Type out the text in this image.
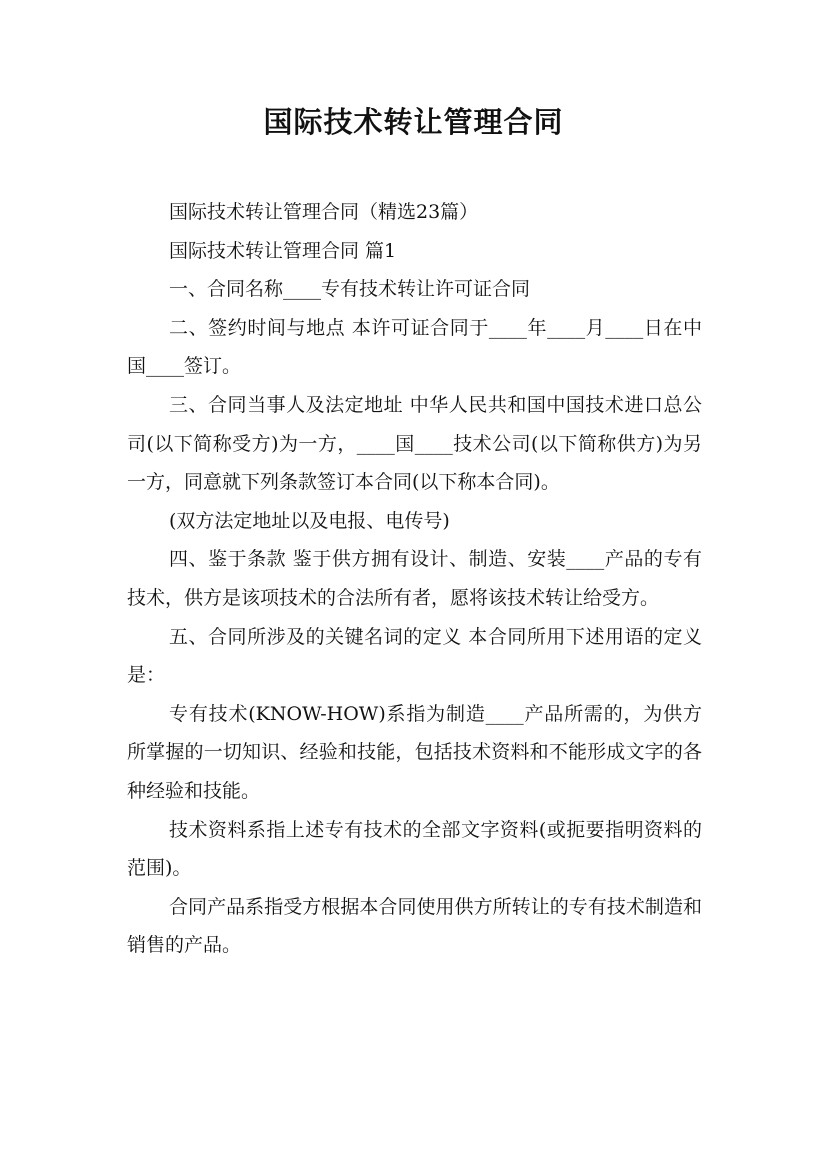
国际技术转让管理合同

国际技术转让管理合同（精选23篇）

国际技术转让管理合同 篇1

一、合同名称____专有技术转让许可证合同

二、签约时间与地点 本许可证合同于____年____月____日在中国____签订。

三、合同当事人及法定地址 中华人民共和国中国技术进口总公司(以下简称受方)为一方，____国____技术公司(以下简称供方)为另一方，同意就下列条款签订本合同(以下称本合同)。

(双方法定地址以及电报、电传号)

四、鉴于条款 鉴于供方拥有设计、制造、安装____产品的专有技术，供方是该项技术的合法所有者，愿将该技术转让给受方。

五、合同所涉及的关键名词的定义 本合同所用下述用语的定义是：

专有技术(KNOW-HOW)系指为制造____产品所需的，为供方所掌握的一切知识、经验和技能，包括技术资料和不能形成文字的各种经验和技能。

技术资料系指上述专有技术的全部文字资料(或扼要指明资料的范围)。

合同产品系指受方根据本合同使用供方所转让的专有技术制造和销售的产品。
